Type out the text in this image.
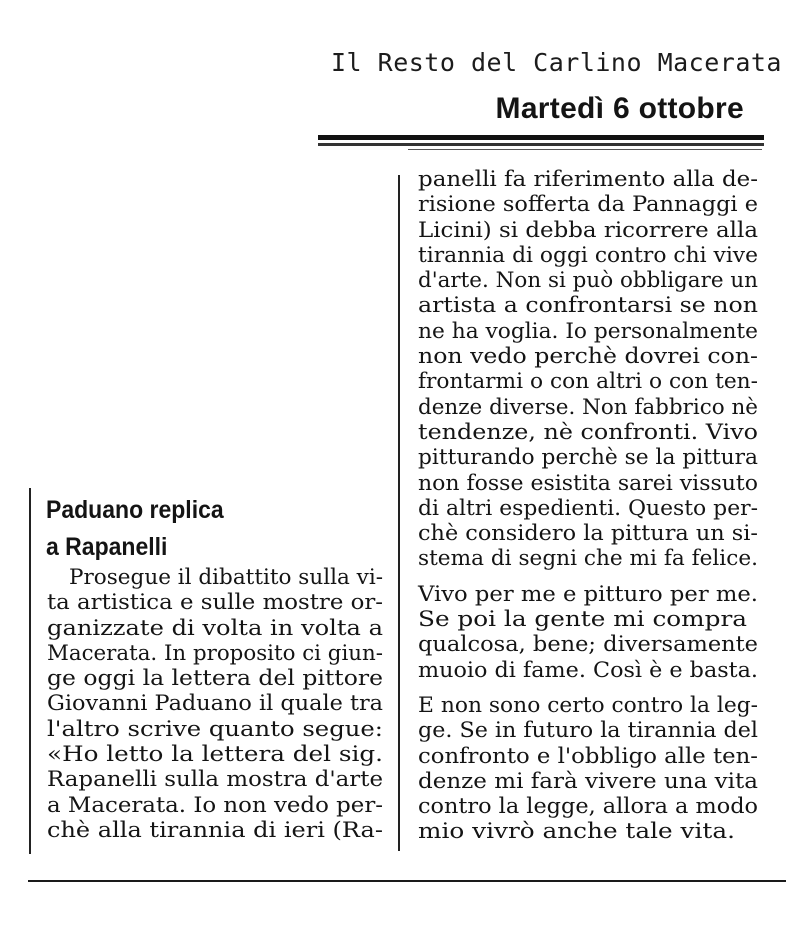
Il Resto del Carlino Macerata
Martedì 6 ottobre
Paduano replica
a Rapanelli
Prosegue il dibattito sulla vi-
ta artistica e sulle mostre or-
ganizzate di volta in volta a
Macerata. In proposito ci giun-
ge oggi la lettera del pittore
Giovanni Paduano il quale tra
l'altro scrive quanto segue:
«Ho letto la lettera del sig.
Rapanelli sulla mostra d'arte
a Macerata. Io non vedo per-
chè alla tirannia di ieri (Ra-
panelli fa riferimento alla de-
risione sofferta da Pannaggi e
Licini) si debba ricorrere alla
tirannia di oggi contro chi vive
d'arte. Non si può obbligare un
artista a confrontarsi se non
ne ha voglia. Io personalmente
non vedo perchè dovrei con-
frontarmi o con altri o con ten-
denze diverse. Non fabbrico nè
tendenze, nè confronti. Vivo
pitturando perchè se la pittura
non fosse esistita sarei vissuto
di altri espedienti. Questo per-
chè considero la pittura un si-
stema di segni che mi fa felice.
Vivo per me e pitturo per me.
Se poi la gente mi compra
qualcosa, bene; diversamente
muoio di fame. Così è e basta.
E non sono certo contro la leg-
ge. Se in futuro la tirannia del
confronto e l'obbligo alle ten-
denze mi farà vivere una vita
contro la legge, allora a modo
mio vivrò anche tale vita.
